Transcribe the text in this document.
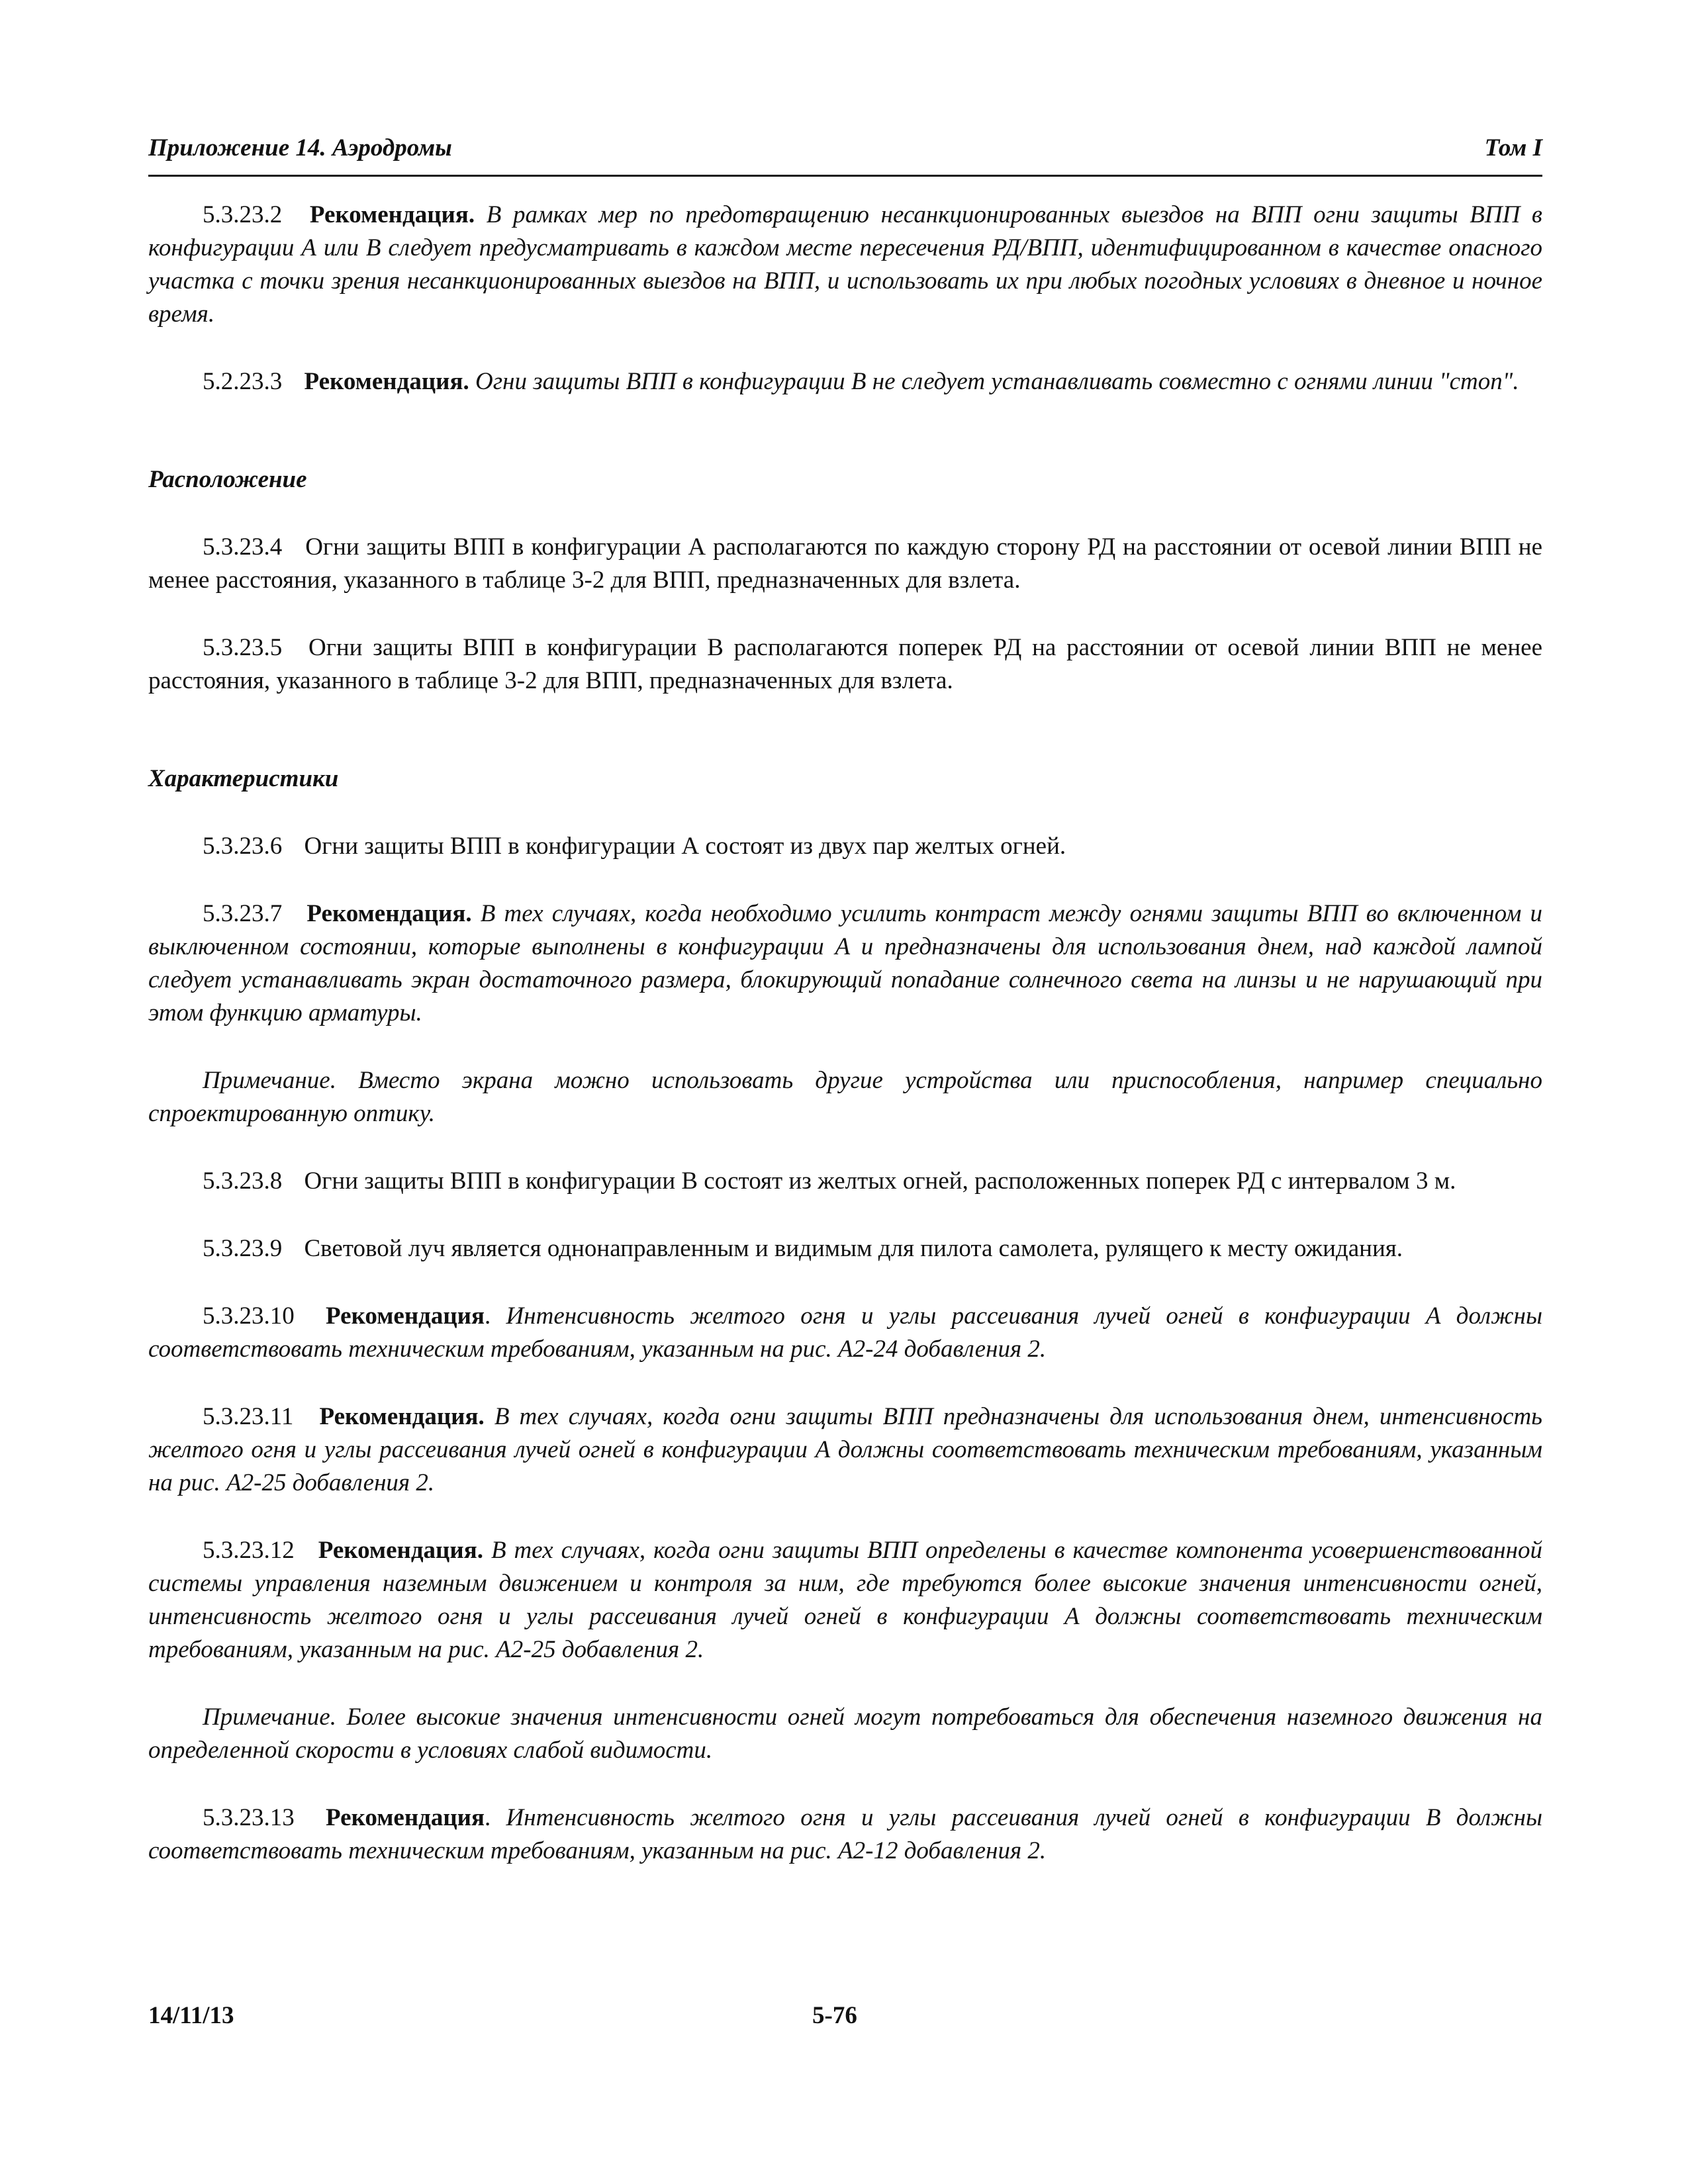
Приложение 14. Аэродромы	Том I

5.3.23.2 Рекомендация. В рамках мер по предотвращению несанкционированных выездов на ВПП огни защиты ВПП в конфигурации А или В следует предусматривать в каждом месте пересечения РД/ВПП, идентифицированном в качестве опасного участка с точки зрения несанкционированных выездов на ВПП, и использовать их при любых погодных условиях в дневное и ночное время.

5.2.23.3 Рекомендация. Огни защиты ВПП в конфигурации В не следует устанавливать совместно с огнями линии "стоп".

Расположение

5.3.23.4 Огни защиты ВПП в конфигурации А располагаются по каждую сторону РД на расстоянии от осевой линии ВПП не менее расстояния, указанного в таблице 3-2 для ВПП, предназначенных для взлета.

5.3.23.5 Огни защиты ВПП в конфигурации В располагаются поперек РД на расстоянии от осевой линии ВПП не менее расстояния, указанного в таблице 3-2 для ВПП, предназначенных для взлета.

Характеристики

5.3.23.6 Огни защиты ВПП в конфигурации А состоят из двух пар желтых огней.

5.3.23.7 Рекомендация. В тех случаях, когда необходимо усилить контраст между огнями защиты ВПП во включенном и выключенном состоянии, которые выполнены в конфигурации А и предназначены для использования днем, над каждой лампой следует устанавливать экран достаточного размера, блокирующий попадание солнечного света на линзы и не нарушающий при этом функцию арматуры.

Примечание. Вместо экрана можно использовать другие устройства или приспособления, например специально спроектированную оптику.

5.3.23.8 Огни защиты ВПП в конфигурации В состоят из желтых огней, расположенных поперек РД с интервалом 3 м.

5.3.23.9 Световой луч является однонаправленным и видимым для пилота самолета, рулящего к месту ожидания.

5.3.23.10 Рекомендация. Интенсивность желтого огня и углы рассеивания лучей огней в конфигурации А должны соответствовать техническим требованиям, указанным на рис. А2-24 добавления 2.

5.3.23.11 Рекомендация. В тех случаях, когда огни защиты ВПП предназначены для использования днем, интенсивность желтого огня и углы рассеивания лучей огней в конфигурации А должны соответствовать техническим требованиям, указанным на рис. А2-25 добавления 2.

5.3.23.12 Рекомендация. В тех случаях, когда огни защиты ВПП определены в качестве компонента усовершенствованной системы управления наземным движением и контроля за ним, где требуются более высокие значения интенсивности огней, интенсивность желтого огня и углы рассеивания лучей огней в конфигурации А должны соответствовать техническим требованиям, указанным на рис. А2-25 добавления 2.

Примечание. Более высокие значения интенсивности огней могут потребоваться для обеспечения наземного движения на определенной скорости в условиях слабой видимости.

5.3.23.13 Рекомендация. Интенсивность желтого огня и углы рассеивания лучей огней в конфигурации В должны соответствовать техническим требованиям, указанным на рис. А2-12 добавления 2.

14/11/13	5-76
